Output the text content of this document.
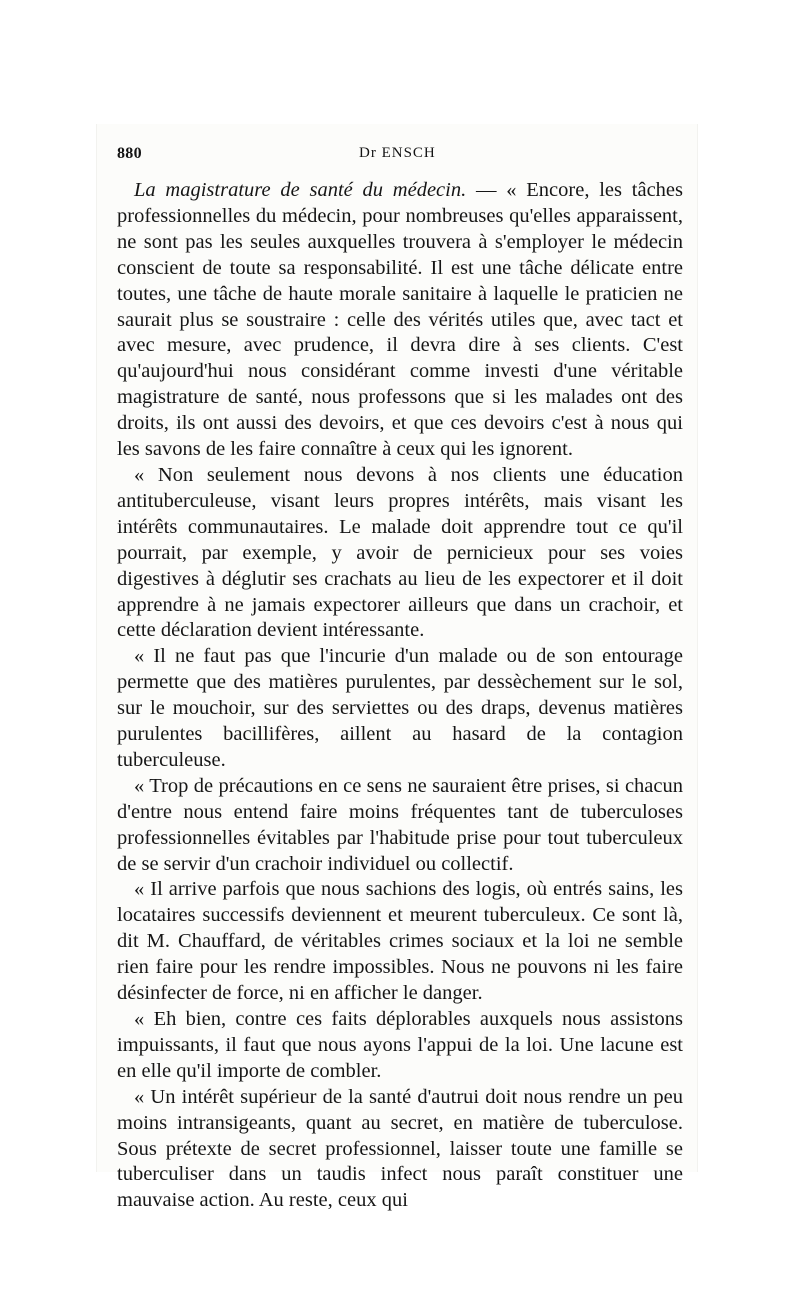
880	Dr ENSCH

La magistrature de santé du médecin. — « Encore, les tâches professionnelles du médecin, pour nombreuses qu'elles apparaissent, ne sont pas les seules auxquelles trouvera à s'employer le médecin conscient de toute sa responsabilité. Il est une tâche délicate entre toutes, une tâche de haute morale sanitaire à laquelle le praticien ne saurait plus se soustraire : celle des vérités utiles que, avec tact et avec mesure, avec prudence, il devra dire à ses clients. C'est qu'aujourd'hui nous considérant comme investi d'une véritable magistrature de santé, nous professons que si les malades ont des droits, ils ont aussi des devoirs, et que ces devoirs c'est à nous qui les savons de les faire connaître à ceux qui les ignorent.

« Non seulement nous devons à nos clients une éducation antituberculeuse, visant leurs propres intérêts, mais visant les intérêts communautaires. Le malade doit apprendre tout ce qu'il pourrait, par exemple, y avoir de pernicieux pour ses voies digestives à déglutir ses crachats au lieu de les expectorer et il doit apprendre à ne jamais expectorer ailleurs que dans un crachoir, et cette déclaration devient intéressante.

« Il ne faut pas que l'incurie d'un malade ou de son entourage permette que des matières purulentes, par dessèchement sur le sol, sur le mouchoir, sur des serviettes ou des draps, devenus matières purulentes bacillifères, aillent au hasard de la contagion tuberculeuse.

« Trop de précautions en ce sens ne sauraient être prises, si chacun d'entre nous entend faire moins fréquentes tant de tuberculoses professionnelles évitables par l'habitude prise pour tout tuberculeux de se servir d'un crachoir individuel ou collectif.

« Il arrive parfois que nous sachions des logis, où entrés sains, les locataires successifs deviennent et meurent tuberculeux. Ce sont là, dit M. Chauffard, de véritables crimes sociaux et la loi ne semble rien faire pour les rendre impossibles. Nous ne pouvons ni les faire désinfecter de force, ni en afficher le danger.

« Eh bien, contre ces faits déplorables auxquels nous assistons impuissants, il faut que nous ayons l'appui de la loi. Une lacune est en elle qu'il importe de combler.

« Un intérêt supérieur de la santé d'autrui doit nous rendre un peu moins intransigeants, quant au secret, en matière de tuberculose. Sous prétexte de secret professionnel, laisser toute une famille se tuberculiser dans un taudis infect nous paraît constituer une mauvaise action. Au reste, ceux qui
